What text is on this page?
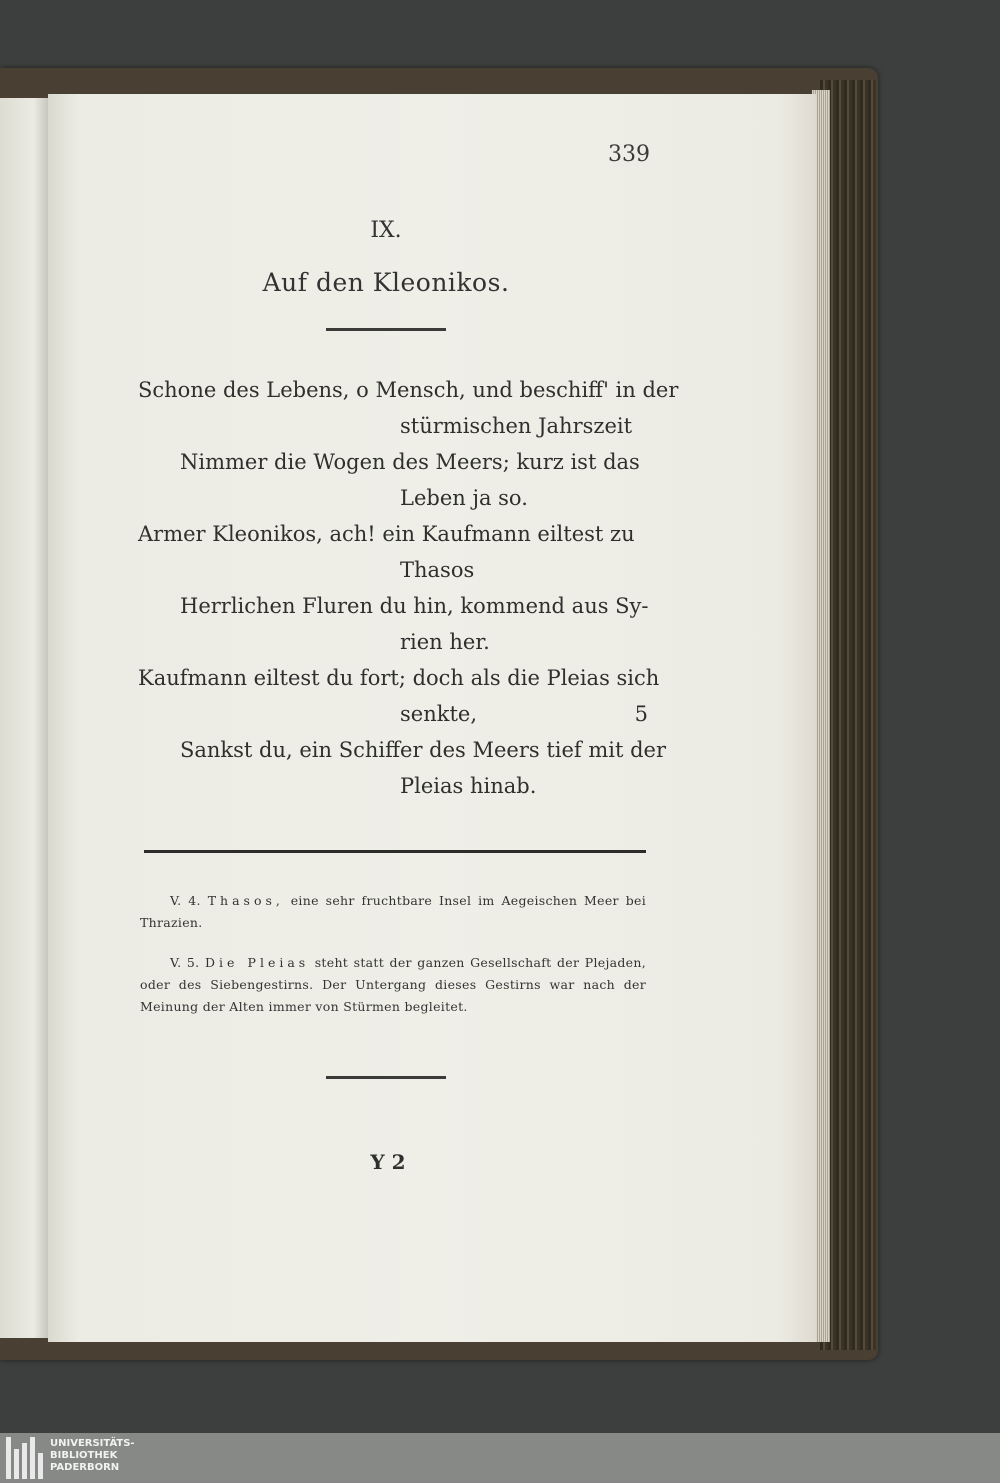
339
IX.
Auf den Kleonikos.
Schone des Lebens, o Mensch, und beschiff' in der
stürmischen Jahrszeit
Nimmer die Wogen des Meers; kurz ist das
Leben ja so.
Armer Kleonikos, ach! ein Kaufmann eiltest zu
Thasos
Herrlichen Fluren du hin, kommend aus Sy-
rien her.
Kaufmann eiltest du fort; doch als die Pleias sich
senkte,	5
Sankst du, ein Schiffer des Meers tief mit der
Pleias hinab.
V. 4. Thasos, eine sehr fruchtbare Insel im Aegeischen Meer bei Thrazien.
V. 5. Die Pleias steht statt der ganzen Gesellschaft der Plejaden, oder des Siebengestirns. Der Untergang dieses Gestirns war nach der Meinung der Alten immer von Stürmen begleitet.
Y 2
UNIVERSITÄTS-
BIBLIOTHEK
PADERBORN
